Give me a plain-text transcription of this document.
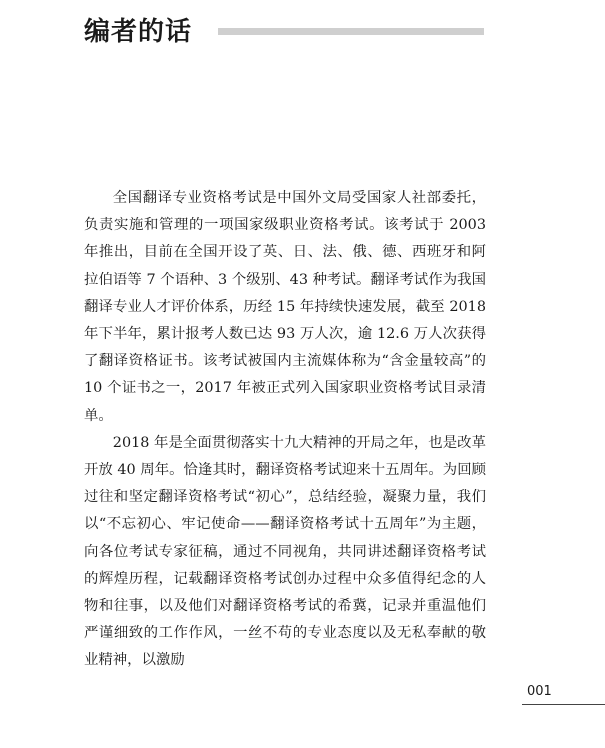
编者的话

全国翻译专业资格考试是中国外文局受国家人社部委托，负责实施和管理的一项国家级职业资格考试。该考试于 2003 年推出，目前在全国开设了英、日、法、俄、德、西班牙和阿拉伯语等 7 个语种、3 个级别、43 种考试。翻译考试作为我国翻译专业人才评价体系，历经 15 年持续快速发展，截至 2018 年下半年，累计报考人数已达 93 万人次，逾 12.6 万人次获得了翻译资格证书。该考试被国内主流媒体称为“含金量较高”的 10 个证书之一，2017 年被正式列入国家职业资格考试目录清单。

2018 年是全面贯彻落实十九大精神的开局之年，也是改革开放 40 周年。恰逢其时，翻译资格考试迎来十五周年。为回顾过往和坚定翻译资格考试“初心”，总结经验，凝聚力量，我们以“不忘初心、牢记使命——翻译资格考试十五周年”为主题，向各位考试专家征稿，通过不同视角，共同讲述翻译资格考试的辉煌历程，记载翻译资格考试创办过程中众多值得纪念的人物和往事，以及他们对翻译资格考试的希冀，记录并重温他们严谨细致的工作作风，一丝不苟的专业态度以及无私奉献的敬业精神，以激励

001
